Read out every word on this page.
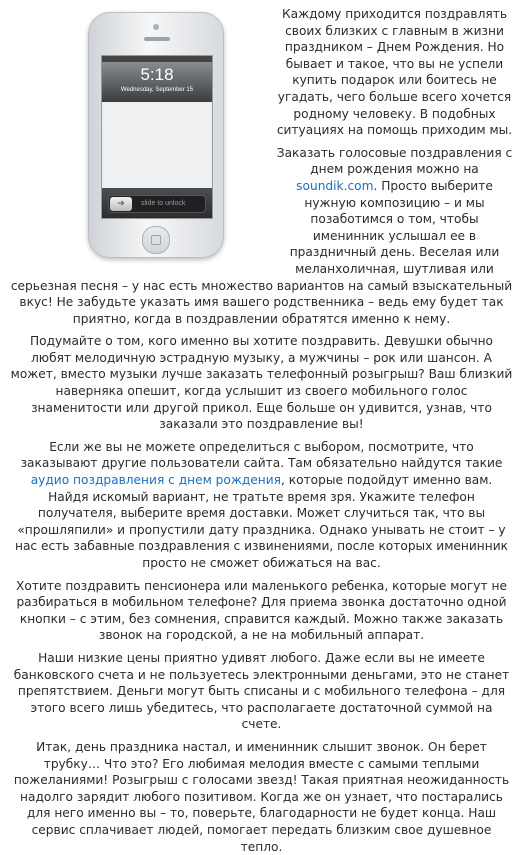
5:18
Wednesday, September 15
➜	slide to unlock

Каждому приходится поздравлять своих близких с главным в жизни праздником – Днем Рождения. Но бывает и такое, что вы не успели купить подарок или боитесь не угадать, чего больше всего хочется родному человеку. В подобных ситуациях на помощь приходим мы.

Заказать голосовые поздравления с днем рождения можно на soundik.com. Просто выберите нужную композицию – и мы позаботимся о том, чтобы именинник услышал ее в праздничный день. Веселая или меланхоличная, шутливая или серьезная песня – у нас есть множество вариантов на самый взыскательный вкус! Не забудьте указать имя вашего родственника – ведь ему будет так приятно, когда в поздравлении обратятся именно к нему.

Подумайте о том, кого именно вы хотите поздравить. Девушки обычно любят мелодичную эстрадную музыку, а мужчины – рок или шансон. А может, вместо музыки лучше заказать телефонный розыгрыш? Ваш близкий наверняка опешит, когда услышит из своего мобильного голос знаменитости или другой прикол. Еще больше он удивится, узнав, что заказали это поздравление вы!

Если же вы не можете определиться с выбором, посмотрите, что заказывают другие пользователи сайта. Там обязательно найдутся такие аудио поздравления с днем рождения, которые подойдут именно вам. Найдя искомый вариант, не тратьте время зря. Укажите телефон получателя, выберите время доставки. Может случиться так, что вы «прошляпили» и пропустили дату праздника. Однако унывать не стоит – у нас есть забавные поздравления с извинениями, после которых именинник просто не сможет обижаться на вас.

Хотите поздравить пенсионера или маленького ребенка, которые могут не разбираться в мобильном телефоне? Для приема звонка достаточно одной кнопки – с этим, без сомнения, справится каждый. Можно также заказать звонок на городской, а не на мобильный аппарат.

Наши низкие цены приятно удивят любого. Даже если вы не имеете банковского счета и не пользуетесь электронными деньгами, это не станет препятствием. Деньги могут быть списаны и с мобильного телефона – для этого всего лишь убедитесь, что располагаете достаточной суммой на счете.

Итак, день праздника настал, и именинник слышит звонок. Он берет трубку… Что это? Его любимая мелодия вместе с самыми теплыми пожеланиями! Розыгрыш с голосами звезд! Такая приятная неожиданность надолго зарядит любого позитивом. Когда же он узнает, что постарались для него именно вы – то, поверьте, благодарности не будет конца. Наш сервис сплачивает людей, помогает передать близким свое душевное тепло.
